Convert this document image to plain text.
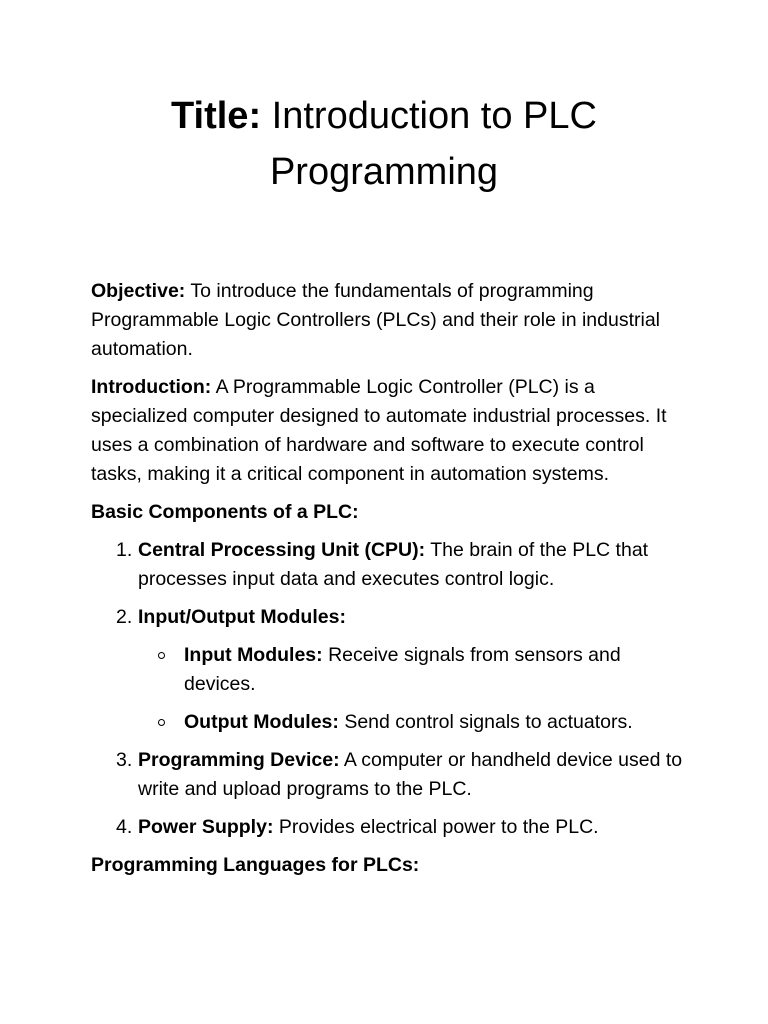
Title: Introduction to PLC Programming

Objective: To introduce the fundamentals of programming Programmable Logic Controllers (PLCs) and their role in industrial automation.

Introduction: A Programmable Logic Controller (PLC) is a specialized computer designed to automate industrial processes. It uses a combination of hardware and software to execute control tasks, making it a critical component in automation systems.

Basic Components of a PLC:

1. Central Processing Unit (CPU): The brain of the PLC that processes input data and executes control logic.
2. Input/Output Modules:
Input Modules: Receive signals from sensors and devices.
Output Modules: Send control signals to actuators.
3. Programming Device: A computer or handheld device used to write and upload programs to the PLC.
4. Power Supply: Provides electrical power to the PLC.

Programming Languages for PLCs:
